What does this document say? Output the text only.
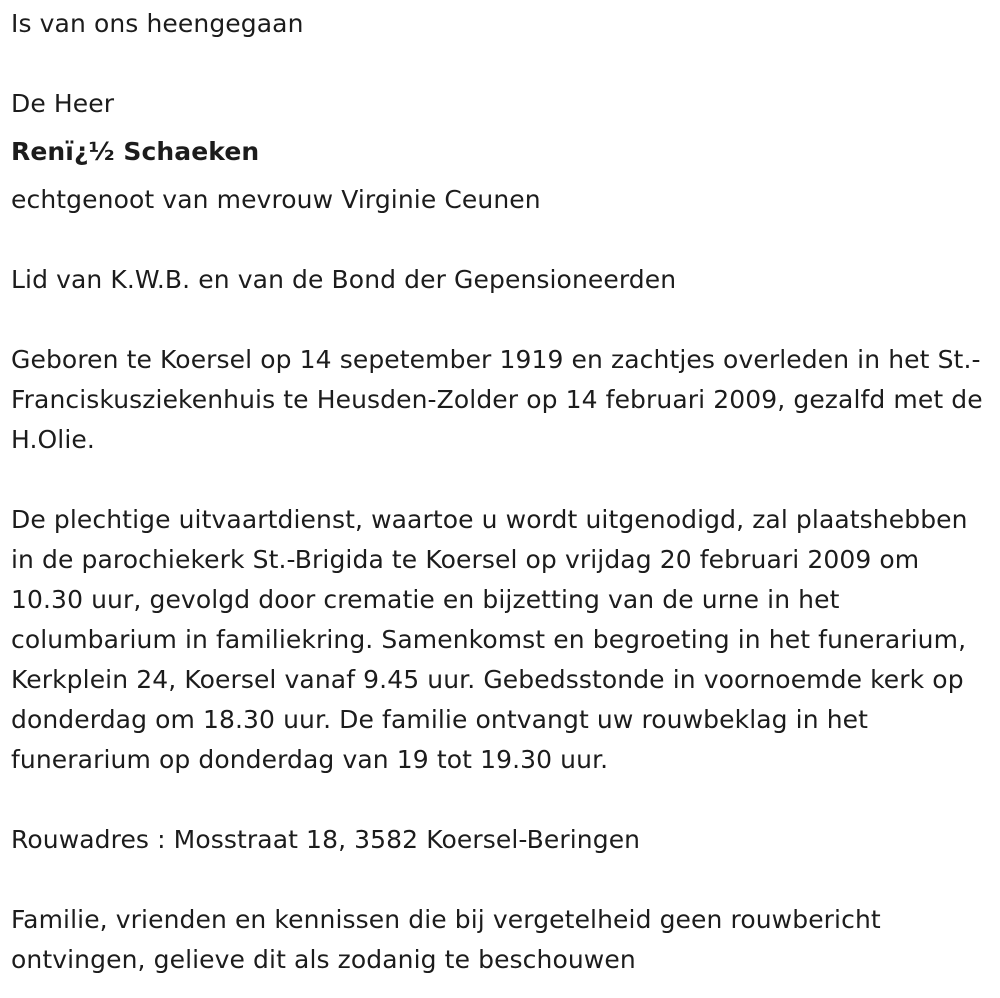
Is van ons heengegaan

De Heer

Renï¿½ Schaeken

echtgenoot van mevrouw Virginie Ceunen

Lid van K.W.B. en van de Bond der Gepensioneerden

Geboren te Koersel op 14 sepetember 1919 en zachtjes overleden in het St.-Franciskusziekenhuis te Heusden-Zolder op 14 februari 2009, gezalfd met de H.Olie.

De plechtige uitvaartdienst, waartoe u wordt uitgenodigd, zal plaatshebben in de parochiekerk St.-Brigida te Koersel op vrijdag 20 februari 2009 om 10.30 uur, gevolgd door crematie en bijzetting van de urne in het columbarium in familiekring. Samenkomst en begroeting in het funerarium, Kerkplein 24, Koersel vanaf 9.45 uur. Gebedsstonde in voornoemde kerk op donderdag om 18.30 uur. De familie ontvangt uw rouwbeklag in het funerarium op donderdag van 19 tot 19.30 uur.

Rouwadres : Mosstraat 18, 3582 Koersel-Beringen

Familie, vrienden en kennissen die bij vergetelheid geen rouwbericht ontvingen, gelieve dit als zodanig te beschouwen
